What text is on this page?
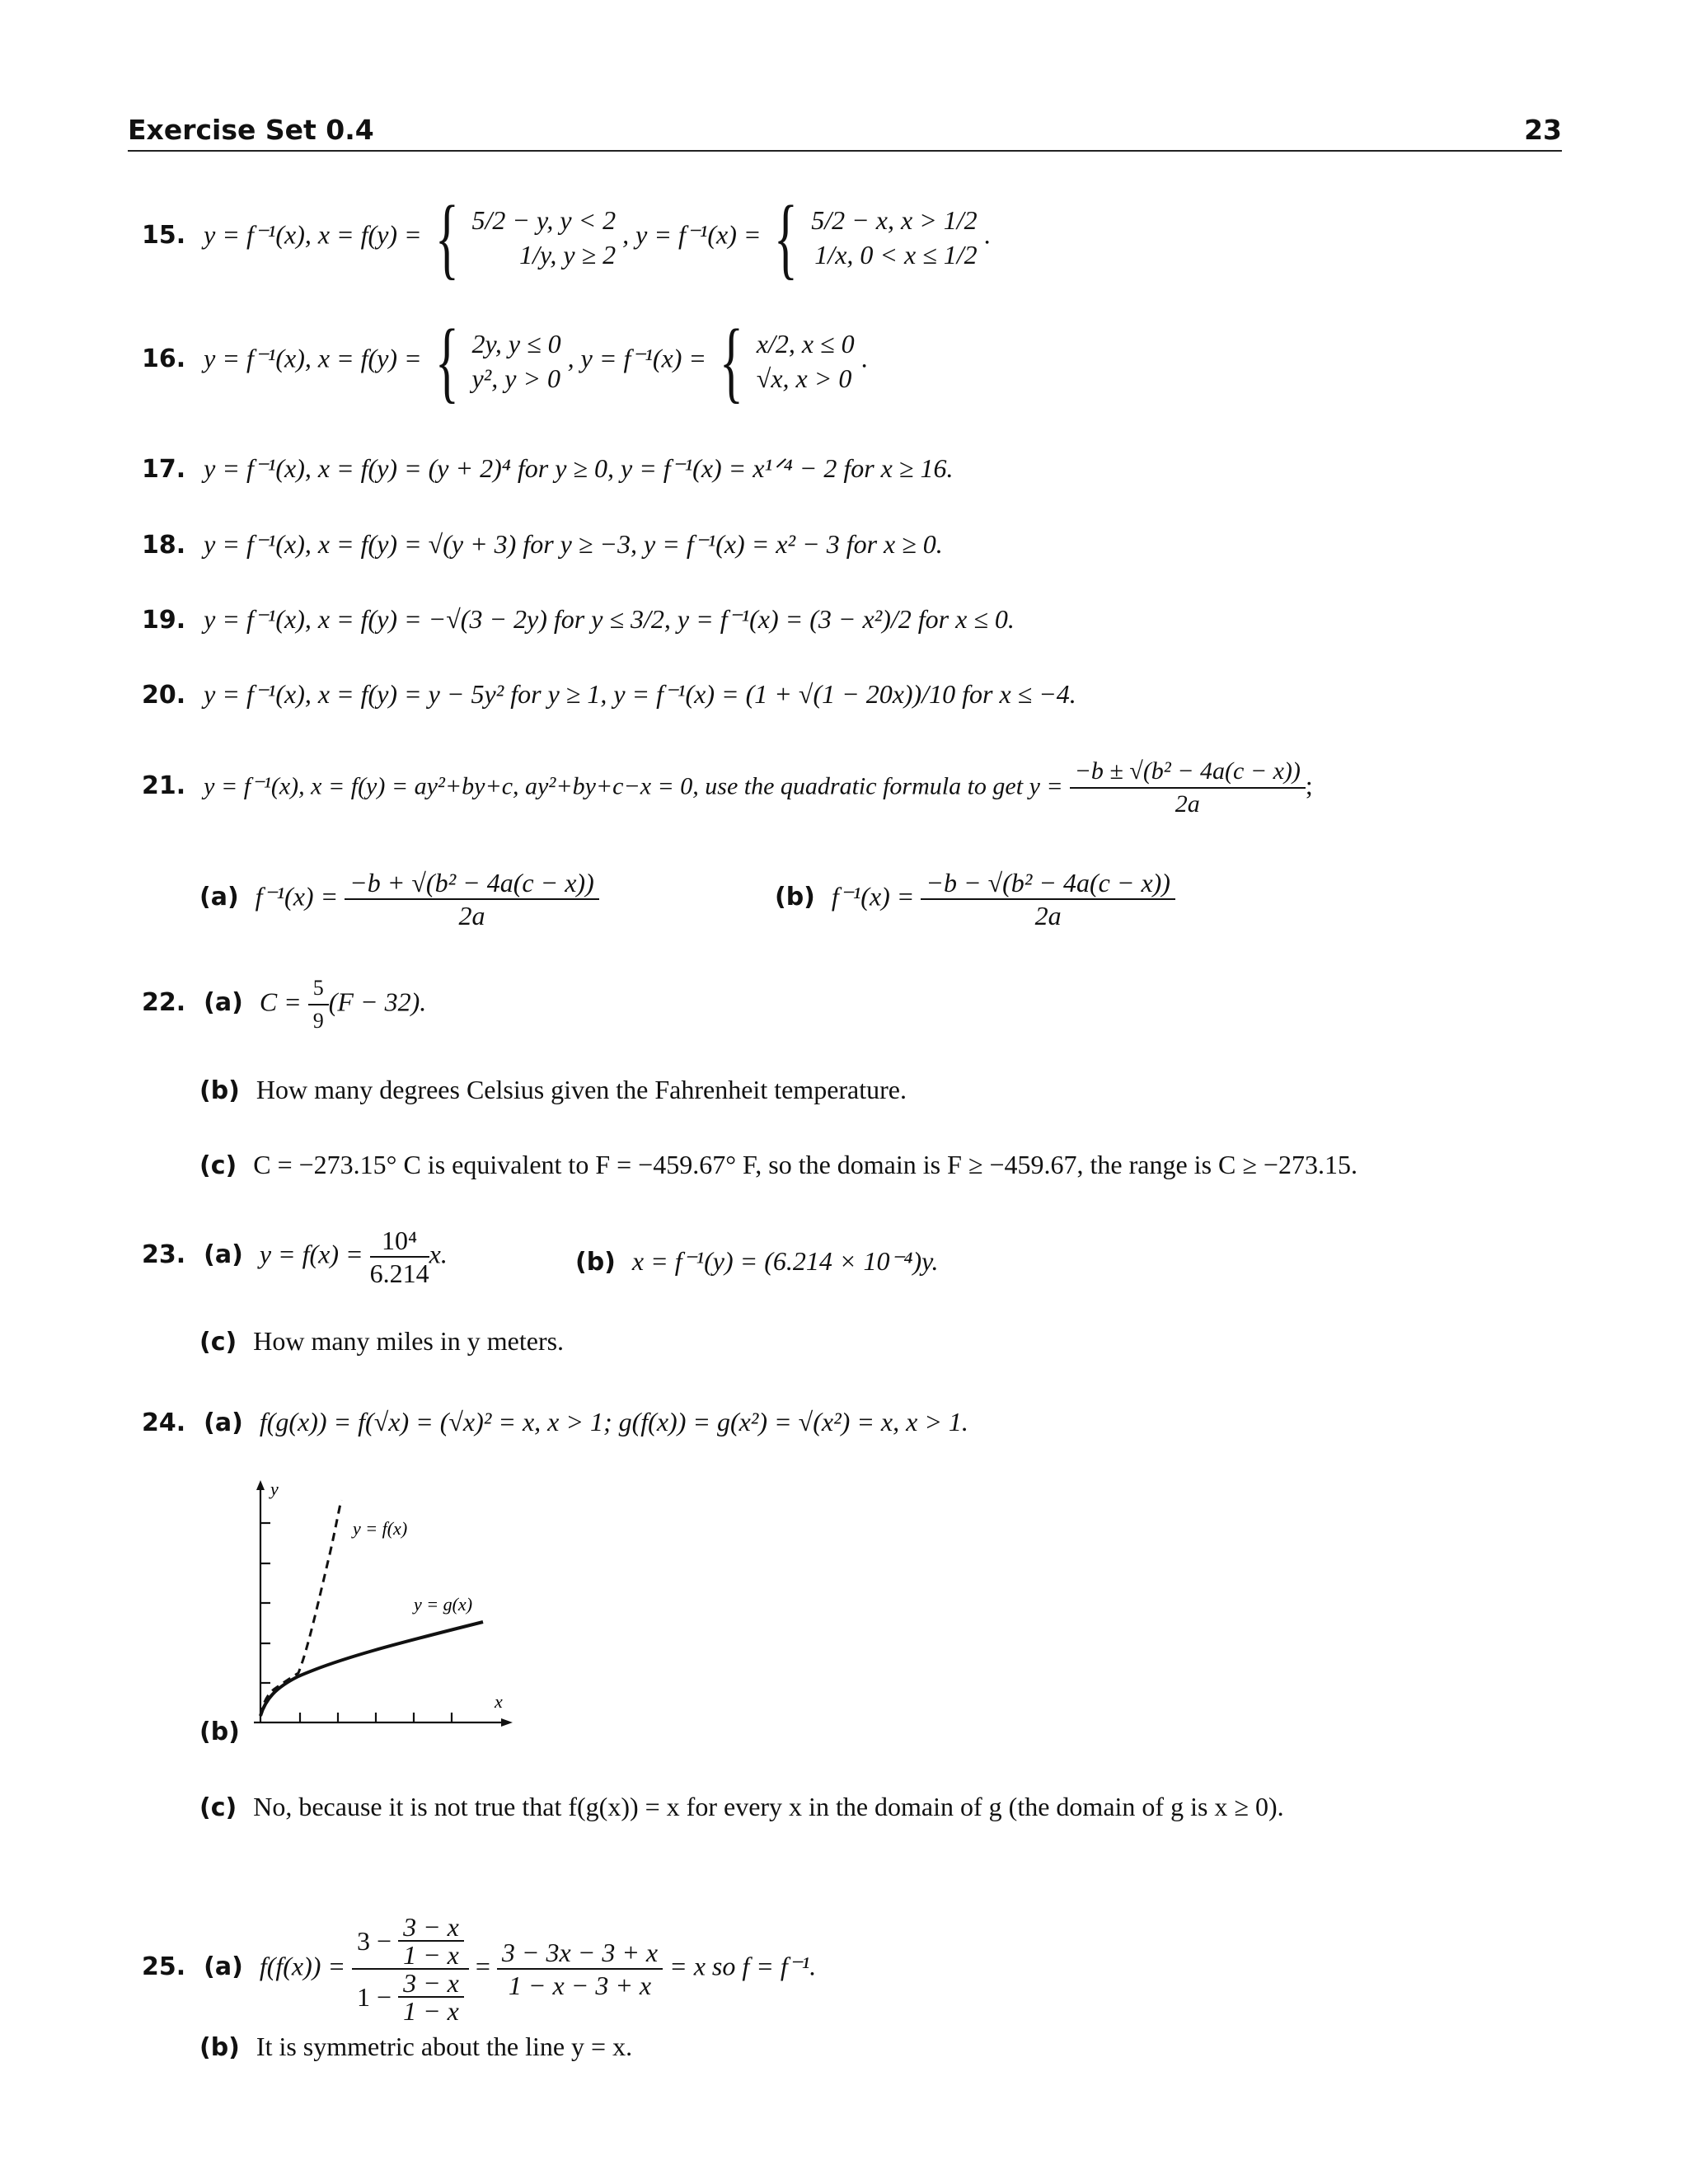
Exercise Set 0.4	23
15. y = f⁻¹(x), x = f(y) = { 5/2 − y, y < 2
1/y, y ≥ 2
, y = f⁻¹(x) = { 5/2 − x, x > 1/2
1/x, 0 < x ≤ 1/2
.
16. y = f⁻¹(x), x = f(y) = { 2y, y ≤ 0
y², y > 0
, y = f⁻¹(x) = { x/2, x ≤ 0
√x, x > 0
.
17. y = f⁻¹(x), x = f(y) = (y + 2)⁴ for y ≥ 0, y = f⁻¹(x) = x¹ᐟ⁴ − 2 for x ≥ 16.
18. y = f⁻¹(x), x = f(y) = √(y + 3) for y ≥ −3, y = f⁻¹(x) = x² − 3 for x ≥ 0.
19. y = f⁻¹(x), x = f(y) = −√(3 − 2y) for y ≤ 3/2, y = f⁻¹(x) = (3 − x²)/2 for x ≤ 0.
20. y = f⁻¹(x), x = f(y) = y − 5y² for y ≥ 1, y = f⁻¹(x) = (1 + √(1 − 20x))/10 for x ≤ −4.
21. y = f⁻¹(x), x = f(y) = ay²+by+c, ay²+by+c−x = 0, use the quadratic formula to get $y = \frac{\text{−b ± √(b² − 4a(c − x))}}{2a}$ ;
(a) $f^{-1}(x) = \frac{\text{−b + √(b² − 4a(c − x))}}{2a}$	(b) $f^{-1}(x) = \frac{\text{−b − √(b² − 4a(c − x))}}{2a}$
22. (a) $C = \frac{5}{9} (F - 32)$.
(b) How many degrees Celsius given the Fahrenheit temperature.
(c) C = −273.15° C is equivalent to F = −459.67° F, so the domain is F ≥ −459.67, the range is C ≥ −273.15.
23. (a) $y = f(x) = \frac{\text{10⁴}}{6.214} x$.	(b) x = f⁻¹(y) = (6.214 × 10⁻⁴)y.
(c) How many miles in y meters.
24. (a) f(g(x)) = f(√x) = (√x)² = x, x > 1; g(f(x)) = g(x²) = √(x²) = x, x > 1.
(b)
y
x
y = f(x)
y = g(x)
(c) No, because it is not true that f(g(x)) = x for every x in the domain of g (the domain of g is x ≥ 0).
25. (a) $f(f(x)) = \frac{3 - \frac{3 - x}{1 - x}}{1 - \frac{3 - x}{1 - x}} = \frac{3 - 3x - 3 + x}{1 - x - 3 + x} = x$ so f = f⁻¹.
(b) It is symmetric about the line y = x.
